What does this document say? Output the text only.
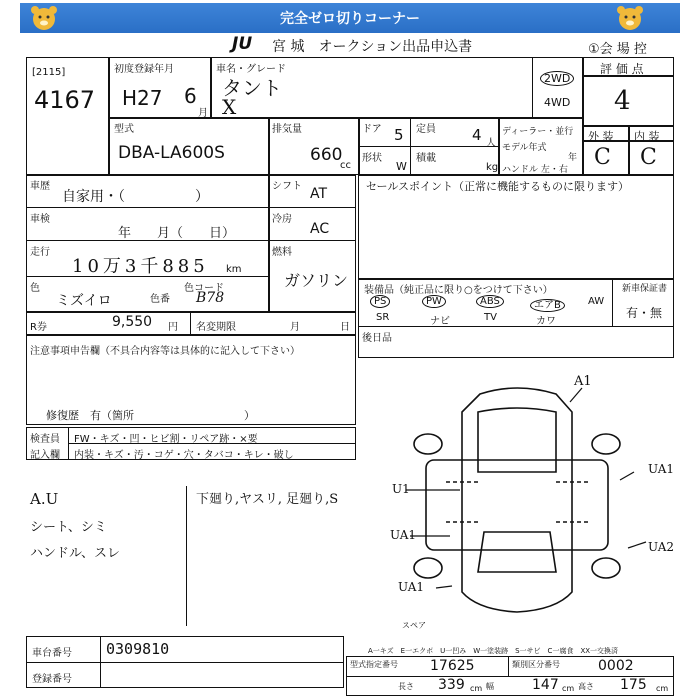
完全ゼロ切りコーナー
JU 宮 城　オークション出品申込書	①会 場 控
[2115]
4167
初度登録年月
H27 6
月
車名・グレード
タント
X
2WD
4WD
評 価 点
4
外 装 内 装
C C
型式
DBA-LA600S
排気量
660
cc
ドア 5 定員 4 人
形状
W
積載
kg
ディーラー・並行
モデル年式
年
ハンドル 左・右
車歴
自家用・（　　　　　）
シフト AT
車検
年　　月（　　日）
冷房
AC
走行
10万3千885 km
燃料
ガソリン
色
ミズイロ	色番
色コード
B78
R券	9,550 円 名変期限	月	日
注意事項申告欄（不具合内容等は具体的に記入して下さい）
修復歴　有（箇所　　　　　　　　　　）
セールスポイント（正常に機能するものに限ります）
装備品（純正品に限り○をつけて下さい）	新車保証書
有・無
PS	PW	ABS	エアB	AW
SR	ナビ	TV	カワ
後日品
検査員
記入欄
FW・キズ・凹・ヒビ割・リペア跡・×要
内装・キズ・汚・コゲ・穴・タバコ・キレ・破し
A.U
シート、シミ
ハンドル、スレ
下廻り,ヤスリ, 足廻り,S
A1
U1
UA1
UA1
UA1
UA2
スペア
A一キズ　E一エクボ　U一凹み　W一塗装跡　S一サビ　C一腐食　XX一交換済
車台番号 0309810
登録番号
型式指定番号 17625	類別区分番号	0002
長さ 339 cm 幅	147 cm 高さ 175 cm
